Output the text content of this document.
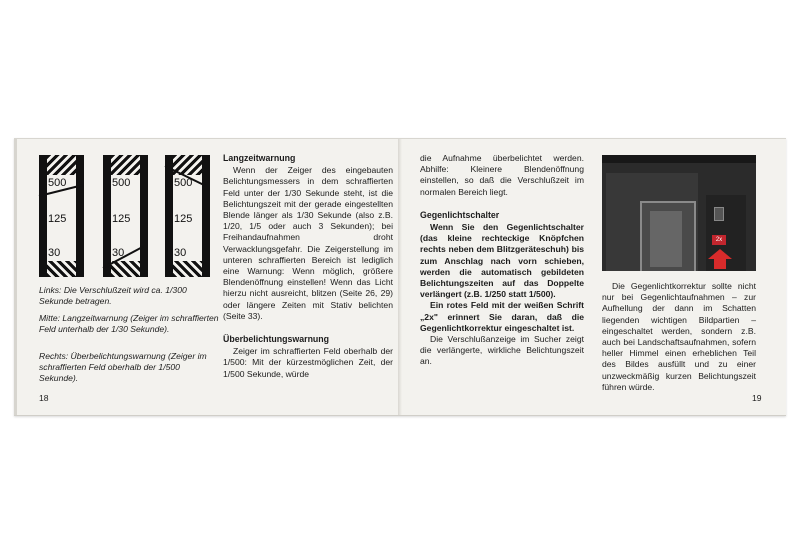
500
125
30
500
125
30
500
125
30
Links: Die Verschlußzeit wird ca. 1/300 Sekunde betragen.
Mitte: Langzeitwarnung (Zeiger im schraffierten Feld unterhalb der 1/30 Sekunde).
Rechts: Überbelichtungswarnung (Zeiger im schraffierten Feld oberhalb der 1/500 Sekunde).
Langzeitwarnung

Wenn der Zeiger des eingebauten Belichtungsmessers in dem schraffierten Feld unter der 1/30 Sekunde steht, ist die Belichtungszeit mit der gerade eingestellten Blende länger als 1/30 Sekunde (also z.B. 1/20, 1/5 oder auch 3 Sekunden); bei Freihandaufnahmen droht Verwacklungsgefahr. Die Zeigerstellung im unteren schraffierten Bereich ist lediglich eine Warnung: Wenn möglich, größere Blendenöffnung einstellen! Wenn das Licht hierzu nicht ausreicht, blitzen (Seite 26, 29) oder längere Zeiten mit Stativ belichten (Seite 33).

Überbelichtungswarnung

Zeiger im schraffierten Feld oberhalb der 1/500: Mit der kürzestmöglichen Zeit, der 1/500 Sekunde, würde

18

die Aufnahme überbelichtet werden. Abhilfe: Kleinere Blendenöffnung einstellen, so daß die Verschlußzeit im normalen Bereich liegt.

Gegenlichtschalter

Wenn Sie den Gegenlichtschalter (das kleine rechteckige Knöpfchen rechts neben dem Blitzgeräteschuh) bis zum Anschlag nach vorn schieben, werden die automatisch gebildeten Belichtungszeiten auf das Doppelte verlängert (z.B. 1/250 statt 1/500).

Ein rotes Feld mit der weißen Schrift „2x" erinnert Sie daran, daß die Gegenlichtkorrektur eingeschaltet ist.

Die Verschlußanzeige im Sucher zeigt die verlängerte, wirkliche Belichtungszeit an.

2x

Die Gegenlichtkorrektur sollte nicht nur bei Gegenlichtaufnahmen – zur Aufhellung der dann im Schatten liegenden wichtigen Bildpartien – eingeschaltet werden, sondern z.B. auch bei Landschaftsaufnahmen, sofern heller Himmel einen erheblichen Teil des Bildes ausfüllt und zu einer unzweckmäßig kurzen Belichtungszeit führen würde.

19
